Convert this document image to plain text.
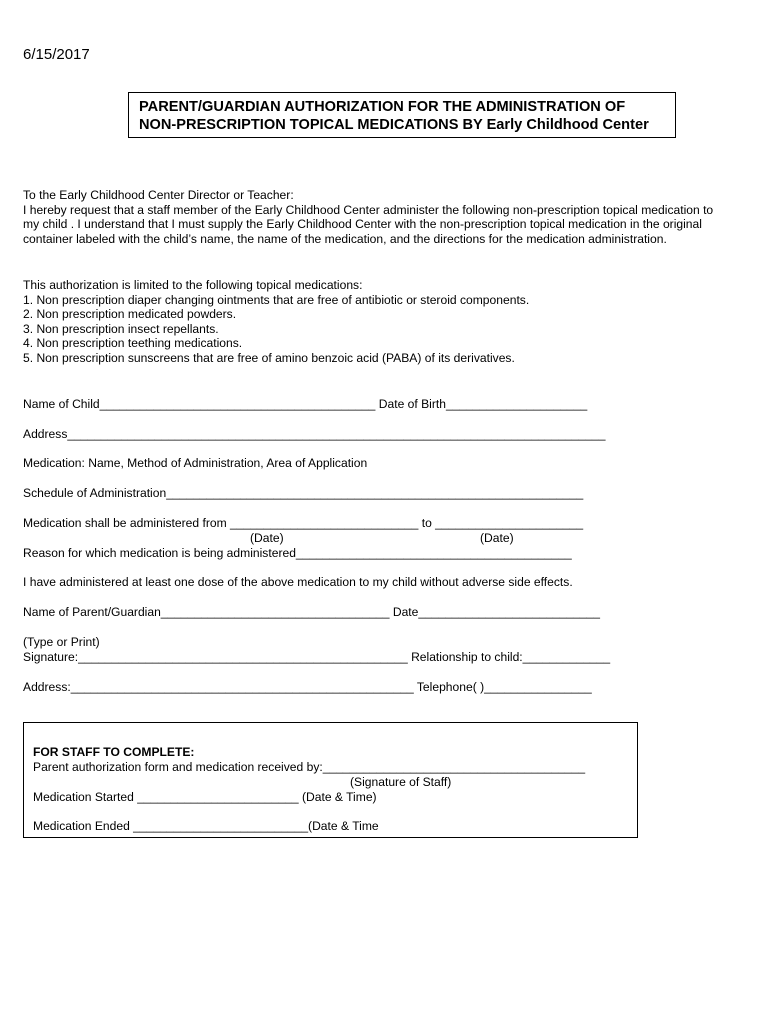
6/15/2017
PARENT/GUARDIAN AUTHORIZATION FOR THE ADMINISTRATION OF
NON-PRESCRIPTION TOPICAL MEDICATIONS BY Early Childhood Center
To the Early Childhood Center Director or Teacher:
I hereby request that a staff member of the Early Childhood Center administer the following non-prescription topical medication to
my child . I understand that I must supply the Early Childhood Center with the non-prescription topical medication in the original
container labeled with the child’s name, the name of the medication, and the directions for the medication administration.
This authorization is limited to the following topical medications:
1. Non prescription diaper changing ointments that are free of antibiotic or steroid components.
2. Non prescription medicated powders.
3. Non prescription insect repellants.
4. Non prescription teething medications.
5. Non prescription sunscreens that are free of amino benzoic acid (PABA) of its derivatives.
Name of Child_________________________________________ Date of Birth_____________________
Address________________________________________________________________________________
Medication: Name, Method of Administration, Area of Application
Schedule of Administration______________________________________________________________
Medication shall be administered from ____________________________ to ______________________
(Date)	(Date)
Reason for which medication is being administered_________________________________________
I have administered at least one dose of the above medication to my child without adverse side effects.
Name of Parent/Guardian__________________________________ Date___________________________
(Type or Print)
Signature:_________________________________________________ Relationship to child:_____________
Address:___________________________________________________ Telephone( )________________
FOR STAFF TO COMPLETE:
Parent authorization form and medication received by:_______________________________________
(Signature of Staff)
Medication Started ________________________ (Date & Time)
Medication Ended __________________________(Date & Time
